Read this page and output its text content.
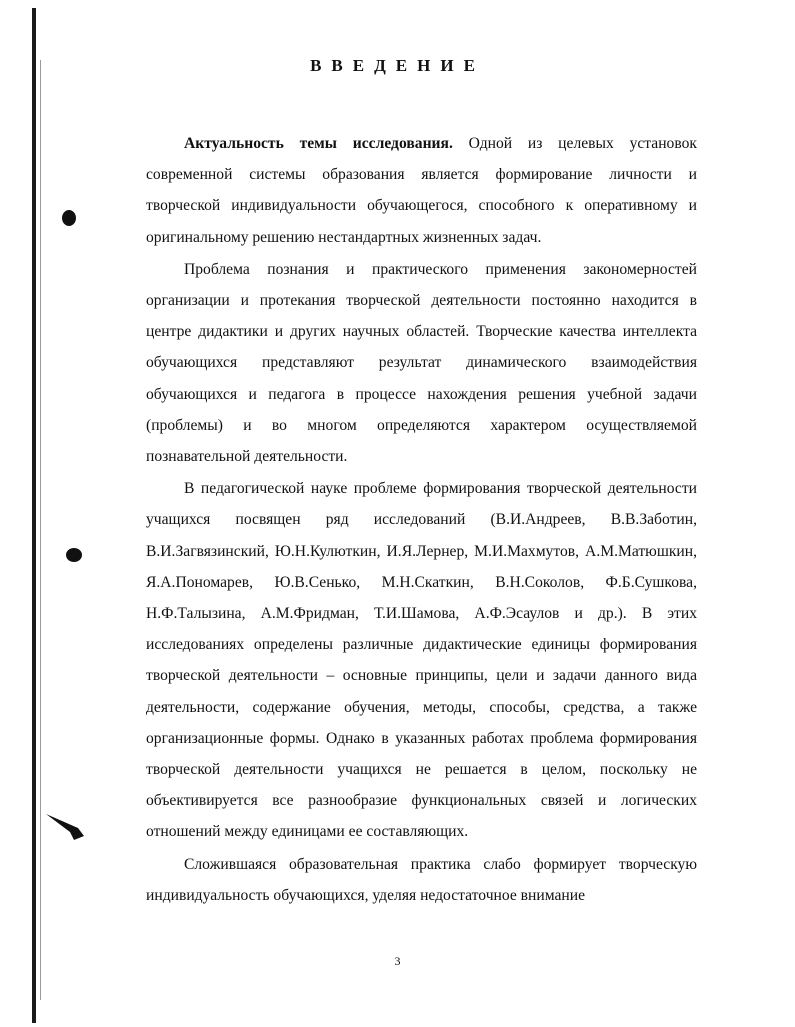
ВВЕДЕНИЕ

Актуальность темы исследования. Одной из целевых установок современной системы образования является формирование личности и творческой индивидуальности обучающегося, способного к оперативному и оригинальному решению нестандартных жизненных задач.

Проблема познания и практического применения закономерностей организации и протекания творческой деятельности постоянно находится в центре дидактики и других научных областей. Творческие качества интеллекта обучающихся представляют результат динамического взаимодействия обучающихся и педагога в процессе нахождения решения учебной задачи (проблемы) и во многом определяются характером осуществляемой познавательной деятельности.

В педагогической науке проблеме формирования творческой деятельности учащихся посвящен ряд исследований (В.И.Андреев, В.В.Заботин, В.И.Загвязинский, Ю.Н.Кулюткин, И.Я.Лернер, М.И.Махмутов, А.М.Матюшкин, Я.А.Пономарев, Ю.В.Сенько, М.Н.Скаткин, В.Н.Соколов, Ф.Б.Сушкова, Н.Ф.Талызина, А.М.Фридман, Т.И.Шамова, А.Ф.Эсаулов и др.). В этих исследованиях определены различные дидактические единицы формирования творческой деятельности – основные принципы, цели и задачи данного вида деятельности, содержание обучения, методы, способы, средства, а также организационные формы. Однако в указанных работах проблема формирования творческой деятельности учащихся не решается в целом, поскольку не объективируется все разнообразие функциональных связей и логических отношений между единицами ее составляющих.

Сложившаяся образовательная практика слабо формирует творческую индивидуальность обучающихся, уделяя недостаточное внимание

3
